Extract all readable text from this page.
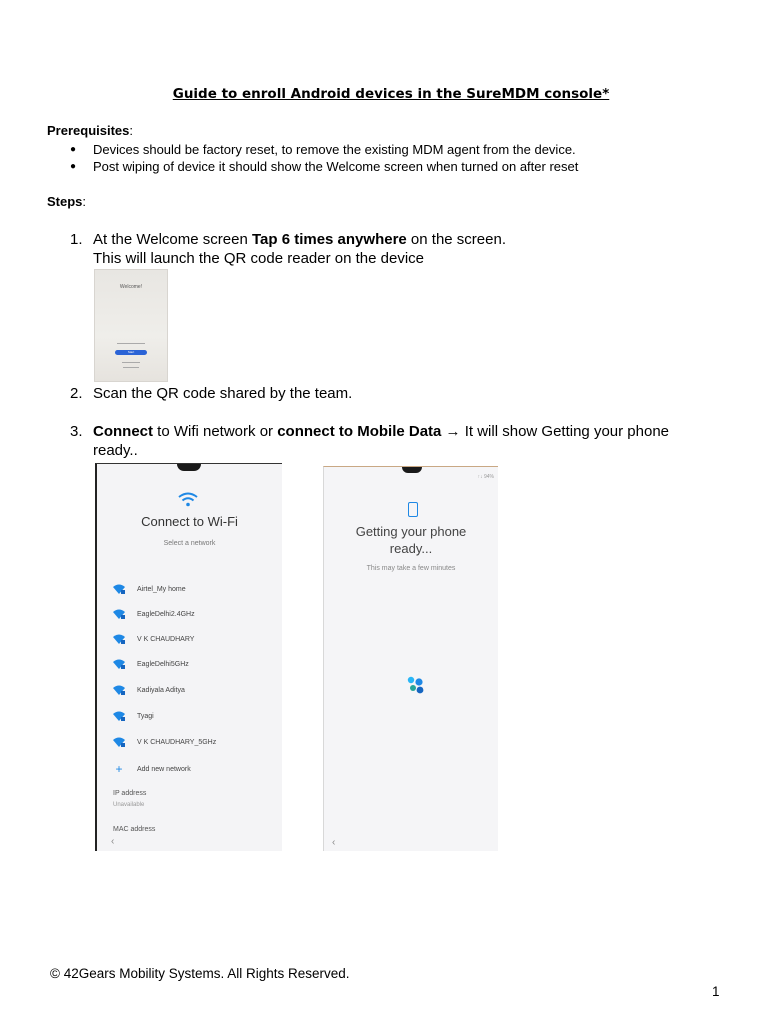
Guide to enroll Android devices in the SureMDM console*
Prerequisites:
●	Devices should be factory reset, to remove the existing MDM agent from the device.
●	Post wiping of device it should show the Welcome screen when turned on after reset
Steps:
1. At the Welcome screen Tap 6 times anywhere on the screen.
This will launch the QR code reader on the device
Welcome!
Start
2. Scan the QR code shared by the team.
3. Connect to Wifi network or connect to Mobile Data → It will show Getting your phone ready..
Connect to Wi-Fi
Select a network
Airtel_My home
EagleDelhi2.4GHz
V K CHAUDHARY
EagleDelhi5GHz
Kadiyala Aditya
Tyagi
V K CHAUDHARY_5GHz
+	Add new network
IP address
Unavailable
MAC address
‹
↑↓ 94%
Getting your phone
ready...
This may take a few minutes
‹
© 42Gears Mobility Systems. All Rights Reserved.
1
